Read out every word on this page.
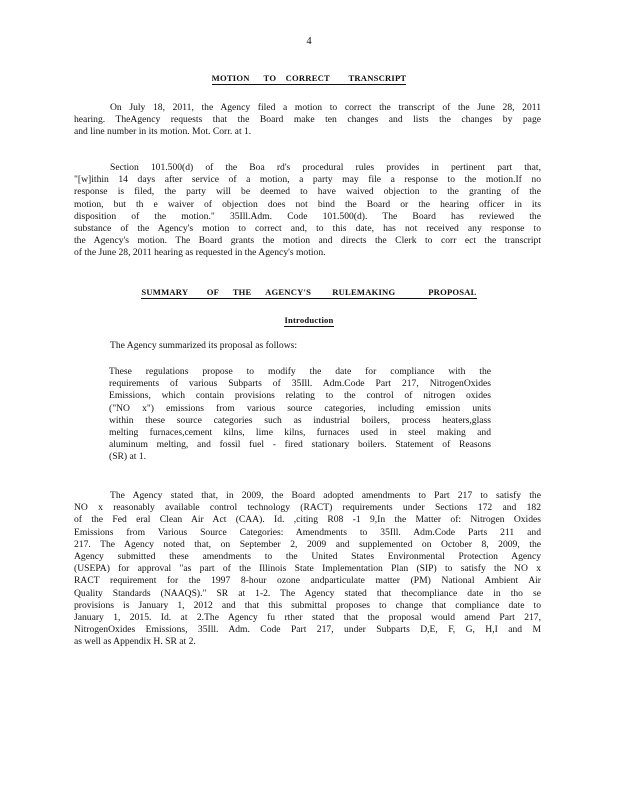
4
MOTION      TO    CORRECT        TRANSCRIPT
On July 18, 2011, the Agency filed a motion to correct the transcript of the June 28, 2011
hearing. TheAgency requests that the Board make ten changes and lists the changes by page
and line number in its motion. Mot. Corr. at 1.
Section 101.500(d) of the Boa rd's procedural rules provides in pertinent part that,
"[w]ithin 14 days after service of a motion, a party may file a response to the motion.If no
response is filed, the party will be deemed to have waived objection to the granting of the
motion, but th e waiver of objection does not bind the Board or the hearing officer in its
disposition of the motion." 35Ill.Adm. Code 101.500(d). The Board has reviewed the
substance of the Agency's motion to correct and, to this date, has not received any response to
the Agency's motion. The Board grants the motion and directs the Clerk to corr ect the transcript
of the June 28, 2011 hearing as requested in the Agency's motion.
SUMMARY        OF      THE      AGENCY'S         RULEMAKING              PROPOSAL
Introduction
The Agency summarized its proposal as follows:
These regulations propose to modify the date for compliance with the
requirements of various Subparts of 35Ill. Adm.Code Part 217, NitrogenOxides
Emissions, which contain provisions relating to the control of nitrogen oxides
("NO x") emissions from various source categories, including emission units
within these source categories such as industrial boilers, process heaters,glass
melting furnaces,cement kilns, lime kilns, furnaces used in steel making and
aluminum melting, and fossil fuel - fired stationary boilers. Statement of Reasons
(SR) at 1.
The Agency stated that, in 2009, the Board adopted amendments to Part 217 to satisfy the
NO x reasonably available control technology (RACT) requirements under Sections 172 and 182
of the Fed eral Clean Air Act (CAA). Id. ,citing R08 -1 9,In the Matter of: Nitrogen Oxides
Emissions from Various Source Categories: Amendments to 35Ill. Adm.Code Parts 211 and
217. The Agency noted that, on September 2, 2009 and supplemented on October 8, 2009, the
Agency submitted these amendments to the United States Environmental Protection Agency
(USEPA) for approval "as part of the Illinois State Implementation Plan (SIP) to satisfy the NO x
RACT requirement for the 1997 8-hour ozone andparticulate matter (PM) National Ambient Air
Quality Standards (NAAQS)." SR at 1-2. The Agency stated that thecompliance date in tho se
provisions is January 1, 2012 and that this submittal proposes to change that compliance date to
January 1, 2015. Id. at 2.The Agency fu rther stated that the proposal would amend Part 217,
NitrogenOxides Emissions, 35Ill. Adm. Code Part 217, under Subparts D,E, F, G, H,I and M
as well as Appendix H. SR at 2.
